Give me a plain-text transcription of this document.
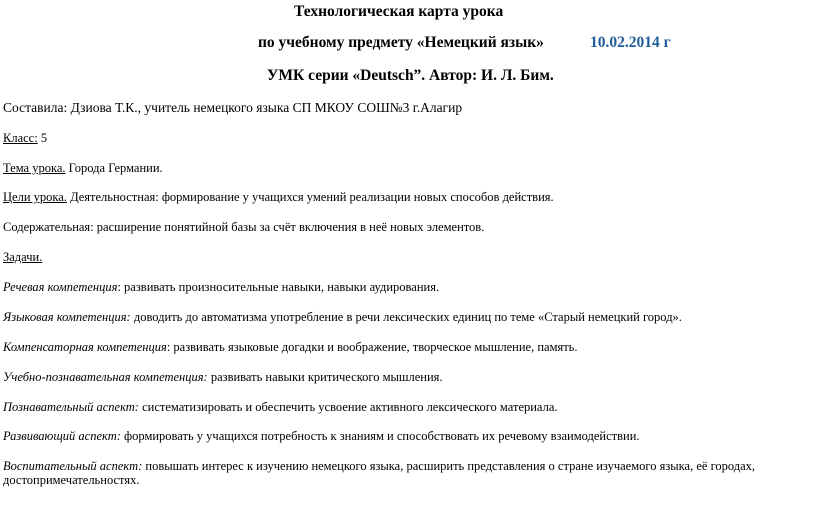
Технологическая карта урока
по учебному предмету «Немецкий язык»	10.02.2014 г
УМК серии «Deutsch”. Автор: И. Л. Бим.
Составила: Дзиова Т.К., учитель немецкого языка СП МКОУ СОШ№3 г.Алагир
Класс: 5
Тема урока. Города Германии.
Цели урока. Деятельностная: формирование у учащихся умений реализации новых способов действия.
Содержательная: расширение понятийной базы за счёт включения в неё новых элементов.
Задачи.
Речевая компетенция: развивать произносительные навыки, навыки аудирования.
Языковая компетенция: доводить до автоматизма употребление в речи лексических единиц по теме «Старый немецкий город».
Компенсаторная компетенция: развивать языковые догадки и воображение, творческое мышление, память.
Учебно-познавательная компетенция: развивать навыки критического мышления.
Познавательный аспект: систематизировать и обеспечить усвоение активного лексического материала.
Развивающий аспект: формировать у учащихся потребность к знаниям и способствовать их речевому взаимодействии.
Воспитательный аспект: повышать интерес к изучению немецкого языка, расширить представления о стране изучаемого языка, её городах, достопримечательностях.
